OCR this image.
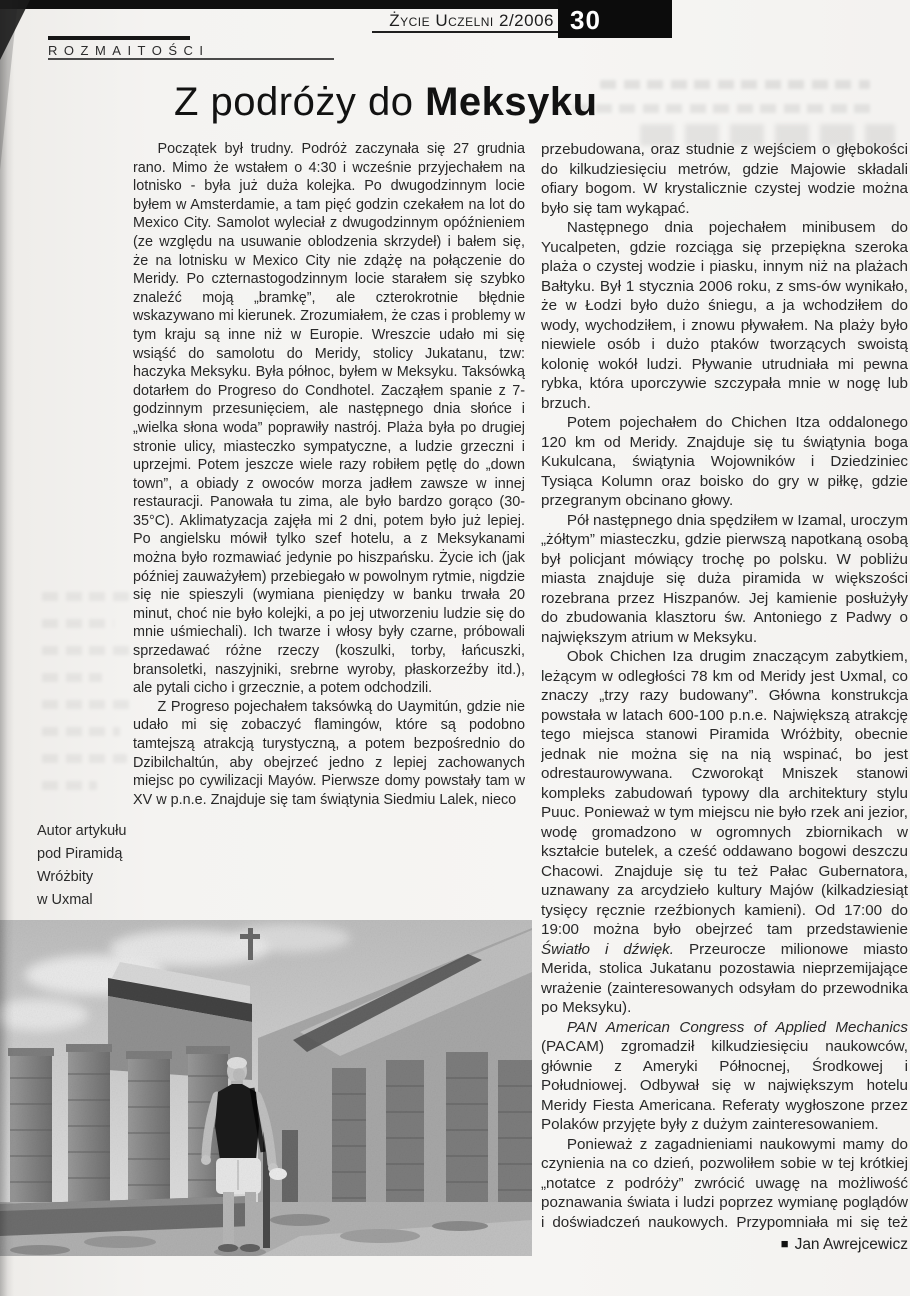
30
Życie Uczelni 2/2006
ROZMAITOŚCI
Z podróży do Meksyku

Początek był trudny. Podróż zaczynała się 27 grudnia rano. Mimo że wstałem o 4:30 i wcześnie przyjechałem na lotnisko - była już duża kolejka. Po dwugodzinnym locie byłem w Amsterdamie, a tam pięć godzin czekałem na lot do Mexico City. Samolot wyleciał z dwugodzinnym opóźnieniem (ze względu na usuwanie oblodzenia skrzydeł) i bałem się, że na lotnisku w Mexico City nie zdążę na połączenie do Meridy. Po czternastogodzinnym locie starałem się szybko znaleźć moją „bramkę”, ale czterokrotnie błędnie wskazywano mi kierunek. Zrozumiałem, że czas i problemy w tym kraju są inne niż w Europie. Wreszcie udało mi się wsiąść do samolotu do Meridy, stolicy Jukatanu, tzw: haczyka Meksyku. Była północ, byłem w Meksyku. Taksówką dotarłem do Progreso do Condhotel. Zacząłem spanie z 7-godzinnym przesunięciem, ale następnego dnia słońce i „wielka słona woda” poprawiły nastrój. Plaża była po drugiej stronie ulicy, miasteczko sympatyczne, a ludzie grzeczni i uprzejmi. Potem jeszcze wiele razy robiłem pętlę do „down town”, a obiady z owoców morza jadłem zawsze w innej restauracji. Panowała tu zima, ale było bardzo gorąco (30-35°C). Aklimatyzacja zajęła mi 2 dni, potem było już lepiej. Po angielsku mówił tylko szef hotelu, a z Meksykanami można było rozmawiać jedynie po hiszpańsku. Życie ich (jak później zauważyłem) przebiegało w powolnym rytmie, nigdzie się nie spieszyli (wymiana pieniędzy w banku trwała 20 minut, choć nie było kolejki, a po jej utworzeniu ludzie się do mnie uśmiechali). Ich twarze i włosy były czarne, próbowali sprzedawać różne rzeczy (koszulki, torby, łańcuszki, bransoletki, naszyjniki, srebrne wyroby, płaskorzeźby itd.), ale pytali cicho i grzecznie, a potem odchodzili.

Z Progreso pojechałem taksówką do Uaymitún, gdzie nie udało mi się zobaczyć flamingów, które są podobno tamtejszą atrakcją turystyczną, a potem bezpośrednio do Dzibilchaltún, aby obejrzeć jedno z lepiej zachowanych miejsc po cywilizacji Mayów. Pierwsze domy powstały tam w XV w p.n.e. Znajduje się tam świątynia Siedmiu Lalek, nieco

przebudowana, oraz studnie z wejściem o głębokości do kilkudziesięciu metrów, gdzie Majowie składali ofiary bogom. W krystalicznie czystej wodzie można było się tam wykąpać.

Następnego dnia pojechałem minibusem do Yucalpeten, gdzie rozciąga się przepiękna szeroka plaża o czystej wodzie i piasku, innym niż na plażach Bałtyku. Był 1 stycznia 2006 roku, z sms-ów wynikało, że w Łodzi było dużo śniegu, a ja wchodziłem do wody, wychodziłem, i znowu pływałem. Na plaży było niewiele osób i dużo ptaków tworzących swoistą kolonię wokół ludzi. Pływanie utrudniała mi pewna rybka, która uporczywie szczypała mnie w nogę lub brzuch.

Potem pojechałem do Chichen Itza oddalonego 120 km od Meridy. Znajduje się tu świątynia boga Kukulcana, świątynia Wojowników i Dziedziniec Tysiąca Kolumn oraz boisko do gry w piłkę, gdzie przegranym obcinano głowy.

Pół następnego dnia spędziłem w Izamal, uroczym „żółtym” miasteczku, gdzie pierwszą napotkaną osobą był policjant mówiący trochę po polsku. W pobliżu miasta znajduje się duża piramida w większości rozebrana przez Hiszpanów. Jej kamienie posłużyły do zbudowania klasztoru św. Antoniego z Padwy o największym atrium w Meksyku.

Obok Chichen Iza drugim znaczącym zabytkiem, leżącym w odległości 78 km od Meridy jest Uxmal, co znaczy „trzy razy budowany”. Główna konstrukcja powstała w latach 600-100 p.n.e. Największą atrakcję tego miejsca stanowi Piramida Wróżbity, obecnie jednak nie można się na nią wspinać, bo jest odrestaurowywana. Czworokąt Mniszek stanowi kompleks zabudowań typowy dla architektury stylu Puuc. Ponieważ w tym miejscu nie było rzek ani jezior, wodę gromadzono w ogromnych zbiornikach w kształcie butelek, a cześć oddawano bogowi deszczu Chacowi. Znajduje się tu też Pałac Gubernatora, uznawany za arcydzieło kultury Majów (kilkadziesiąt tysięcy ręcznie rzeźbionych kamieni). Od 17:00 do 19:00 można było obejrzeć tam przedstawienie Światło i dźwięk. Przeurocze milionowe miasto Merida, stolica Jukatanu pozostawia nieprzemijające wrażenie (zainteresowanych odsyłam do przewodnika po Meksyku).

PAN American Congress of Applied Mechanics (PACAM) zgromadził kilkudziesięciu naukowców, głównie z Ameryki Północnej, Środkowej i Południowej. Odbywał się w największym hotelu Meridy Fiesta Americana. Referaty wygłoszone przez Polaków przyjęte były z dużym zainteresowaniem.

Ponieważ z zagadnieniami naukowymi mamy do czynienia na co dzień, pozwoliłem sobie w tej krótkiej „notatce z podróży” zwrócić uwagę na możliwość poznawania świata i ludzi poprzez wymianę poglądów i doświadczeń naukowych. Przypomniała mi się też

■ Jan Awrejcewicz
Autor artykułu
pod Piramidą
Wróżbity
w Uxmal
